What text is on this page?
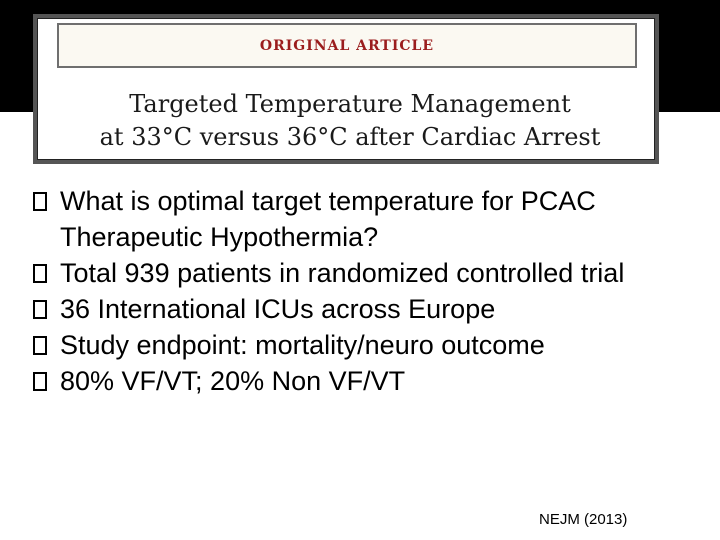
ORIGINAL ARTICLE
Targeted Temperature Management
at 33°C versus 36°C after Cardiac Arrest
What is optimal target temperature for PCAC Therapeutic Hypothermia?
Total 939 patients in randomized controlled trial
36 International ICUs across Europe
Study endpoint: mortality/neuro outcome
80% VF/VT; 20% Non VF/VT
NEJM (2013)
